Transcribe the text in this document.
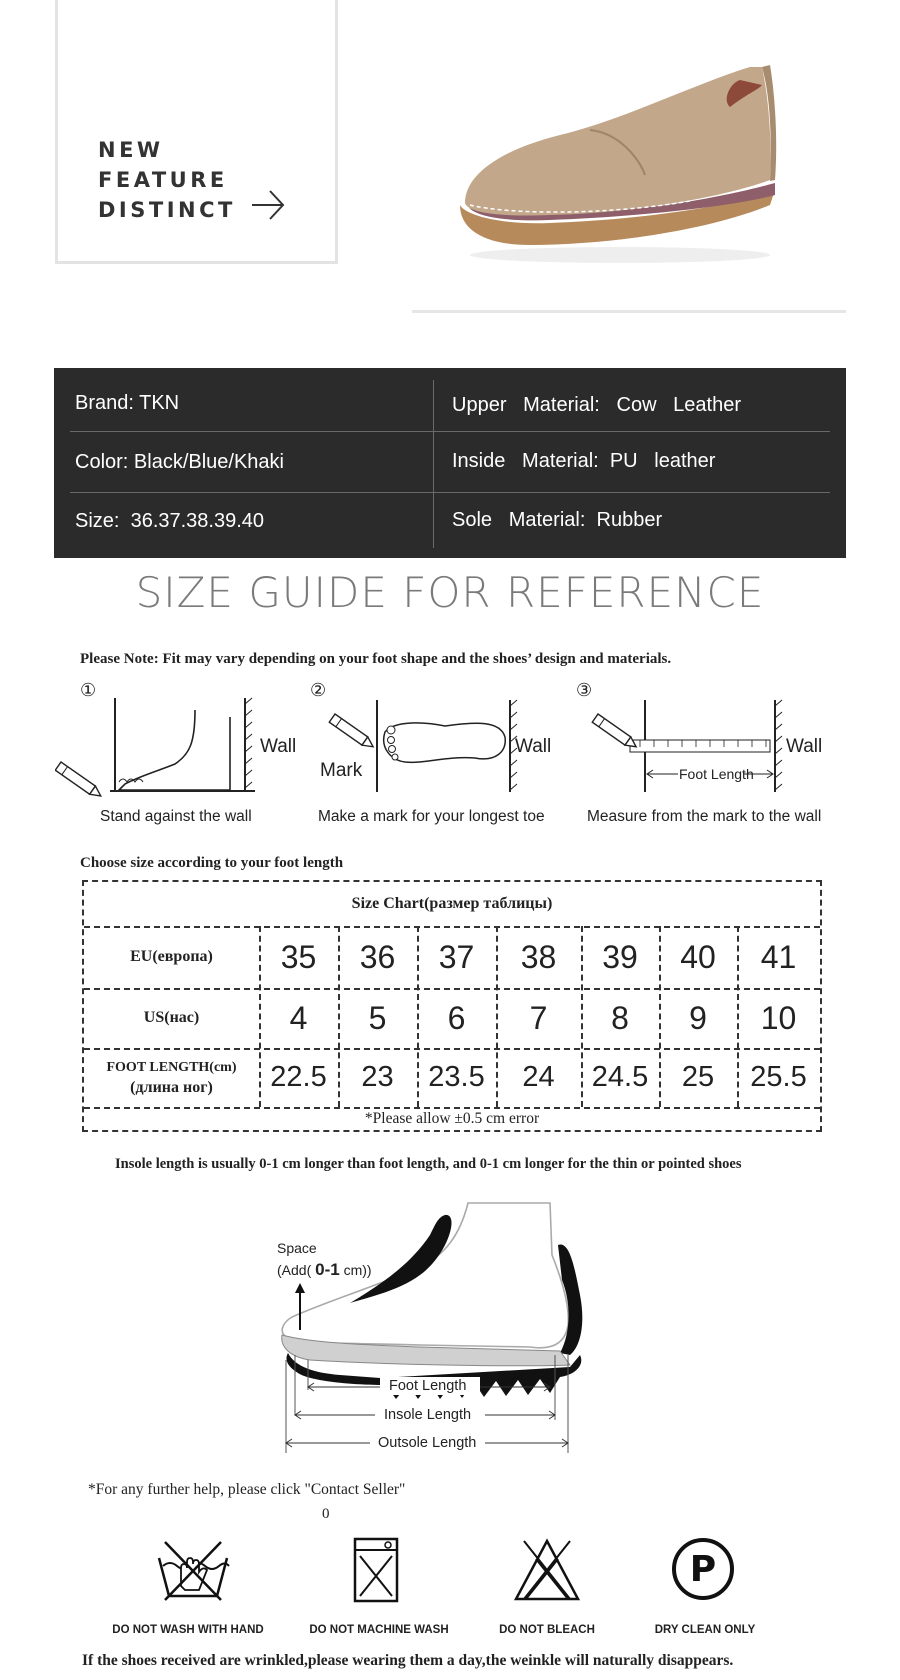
NEW
FEATURE
DISTINCT
Brand: TKN	Upper   Material:   Cow   Leather
Color: Black/Blue/Khaki	Inside   Material:  PU   leather
Size:  36.37.38.39.40	Sole   Material:  Rubber
SIZE GUIDE FOR REFERENCE
Please Note: Fit may vary depending on your foot shape and the shoes’ design and materials.
①
Wall
Stand against the wall
②
Mark
Wall
Make a mark for your longest toe
③
Foot Length
Wall
Measure from the mark to the wall
Choose size according to your foot length
Size Chart(размер таблицы)
EU(европа)	35	36	37	38	39	40	41
US(нас)	4	5	6	7	8	9	10
FOOT LENGTH(cm)
(длина ног)	22.5	23	23.5	24	24.5	25	25.5
*Please allow ±0.5 cm error
Insole length is usually 0-1 cm longer than foot length, and 0-1 cm longer for the thin or pointed shoes
Space
(Add( 0-1 cm))
Foot Length
Insole Length
Outsole Length
*For any further help, please click "Contact Seller"
0
P
DO NOT WASH WITH HAND	DO NOT MACHINE WASH	DO NOT BLEACH	DRY CLEAN ONLY
If the shoes received are wrinkled,please wearing them a day,the weinkle will naturally disappears.
